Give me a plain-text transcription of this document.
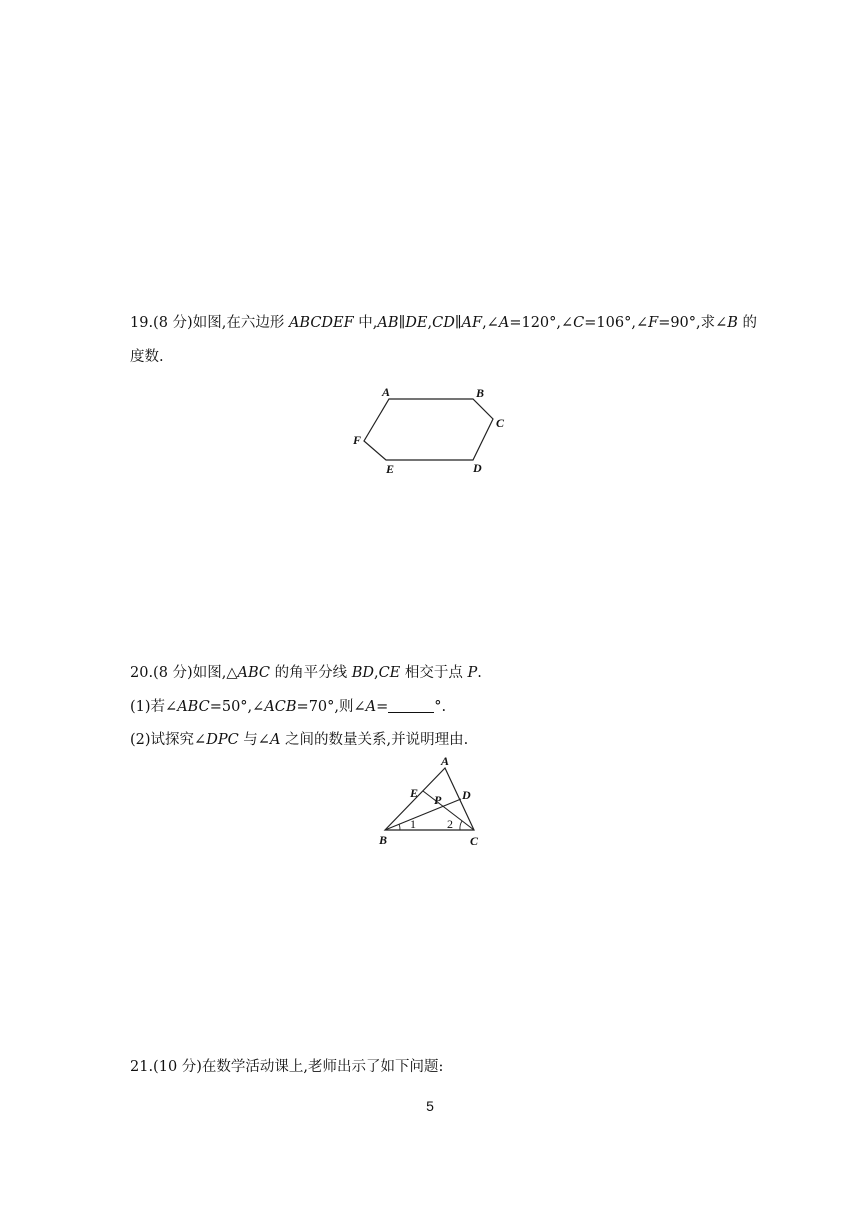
19.(8 分)如图,在六边形 ABCDEF 中,AB∥DE,CD∥AF,∠A=120°,∠C=106°,∠F=90°,求∠B 的
度数.
A	B
C
D
E
F
20.(8 分)如图,△ABC 的角平分线 BD,CE 相交于点 P.
(1)若∠ABC=50°,∠ACB=70°,则∠A=	°.
(2)试探究∠DPC 与∠A 之间的数量关系,并说明理由.
A
B	C
D
E P
1	2
21.(10 分)在数学活动课上,老师出示了如下问题:
5
